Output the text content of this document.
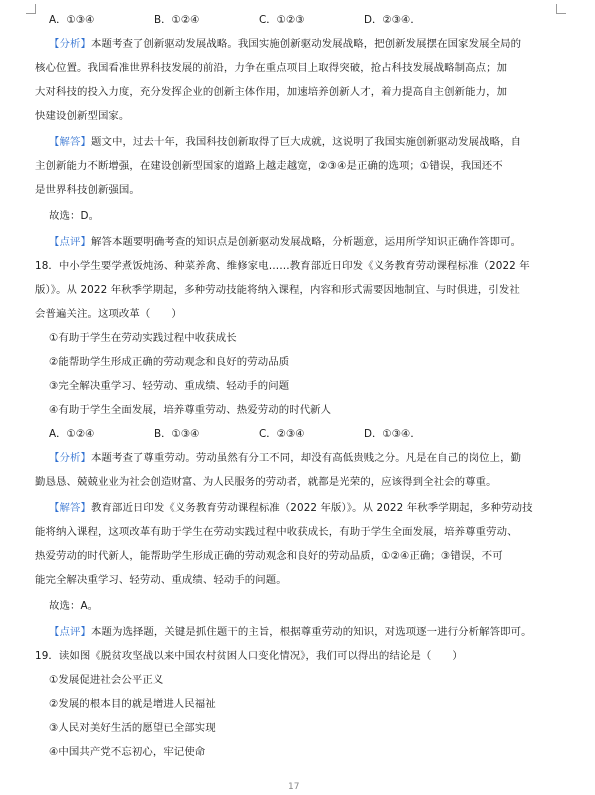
A．①③④	B．①②④	C．①②③	D．②③④．
【分析】本题考查了创新驱动发展战略。我国实施创新驱动发展战略，把创新发展摆在国家发展全局的
核心位置。我国看准世界科技发展的前沿，力争在重点项目上取得突破，抢占科技发展战略制高点；加
大对科技的投入力度，充分发挥企业的创新主体作用，加速培养创新人才，着力提高自主创新能力，加
快建设创新型国家。
【解答】题文中，过去十年，我国科技创新取得了巨大成就，这说明了我国实施创新驱动发展战略，自
主创新能力不断增强，在建设创新型国家的道路上越走越宽，②③④是正确的选项；①错误，我国还不
是世界科技创新强国。
故选：D。
【点评】解答本题要明确考查的知识点是创新驱动发展战略，分析题意，运用所学知识正确作答即可。
18．中小学生要学煮饭炖汤、种菜养禽、维修家电……教育部近日印发《义务教育劳动课程标准（2022 年
版）》。从 2022 年秋季学期起，多种劳动技能将纳入课程，内容和形式需要因地制宜、与时俱进，引发社
会普遍关注。这项改革（　　）
①有助于学生在劳动实践过程中收获成长
②能帮助学生形成正确的劳动观念和良好的劳动品质
③完全解决重学习、轻劳动、重成绩、轻动手的问题
④有助于学生全面发展，培养尊重劳动、热爱劳动的时代新人
A．①②④	B．①③④	C．②③④	D．①③④．
【分析】本题考查了尊重劳动。劳动虽然有分工不同，却没有高低贵贱之分。凡是在自己的岗位上，勤
勤恳恳、兢兢业业为社会创造财富、为人民服务的劳动者，就都是光荣的，应该得到全社会的尊重。
【解答】教育部近日印发《义务教育劳动课程标准（2022 年版）》。从 2022 年秋季学期起，多种劳动技
能将纳入课程，这项改革有助于学生在劳动实践过程中收获成长，有助于学生全面发展，培养尊重劳动、
热爱劳动的时代新人，能帮助学生形成正确的劳动观念和良好的劳动品质，①②④正确；③错误，不可
能完全解决重学习、轻劳动、重成绩、轻动手的问题。
故选：A。
【点评】本题为选择题，关键是抓住题干的主旨，根据尊重劳动的知识，对选项逐一进行分析解答即可。
19．读如图《脱贫攻坚战以来中国农村贫困人口变化情况》，我们可以得出的结论是（　　）
①发展促进社会公平正义
②发展的根本目的就是增进人民福祉
③人民对美好生活的愿望已全部实现
④中国共产党不忘初心，牢记使命
17
